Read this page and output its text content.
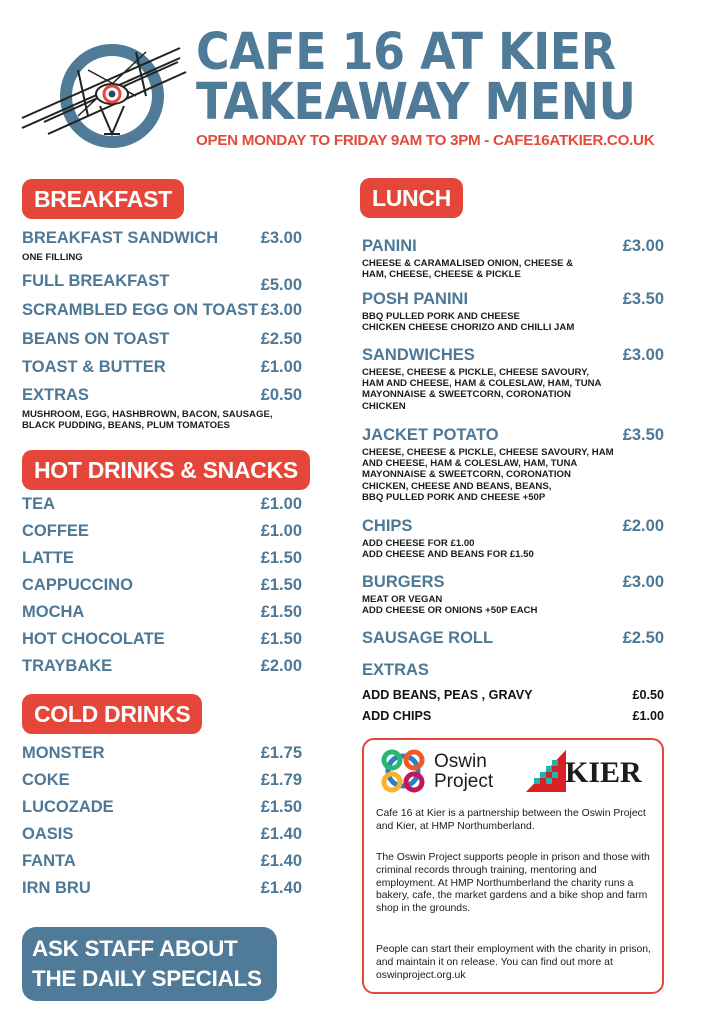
CAFE 16 AT KIER
TAKEAWAY MENU
OPEN MONDAY TO FRIDAY 9AM TO 3PM - CAFE16ATKIER.CO.UK
BREAKFAST
BREAKFAST SANDWICH	£3.00
ONE FILLING
FULL BREAKFAST	£5.00
SCRAMBLED EGG ON TOAST £3.00
BEANS ON TOAST	£2.50
TOAST & BUTTER	£1.00
EXTRAS	£0.50
MUSHROOM, EGG, HASHBROWN, BACON, SAUSAGE,
BLACK PUDDING, BEANS, PLUM TOMATOES
HOT DRINKS & SNACKS
TEA	£1.00
COFFEE	£1.00
LATTE	£1.50
CAPPUCCINO	£1.50
MOCHA	£1.50
HOT CHOCOLATE	£1.50
TRAYBAKE	£2.00
COLD DRINKS
MONSTER	£1.75
COKE	£1.79
LUCOZADE	£1.50
OASIS	£1.40
FANTA	£1.40
IRN BRU	£1.40
ASK STAFF ABOUT
THE DAILY SPECIALS
LUNCH
PANINI	£3.00
CHEESE & CARAMALISED ONION, CHEESE &
HAM, CHEESE, CHEESE & PICKLE
POSH PANINI	£3.50
BBQ PULLED PORK AND CHEESE
CHICKEN CHEESE CHORIZO AND CHILLI JAM
SANDWICHES	£3.00
CHEESE, CHEESE & PICKLE, CHEESE SAVOURY,
HAM AND CHEESE, HAM & COLESLAW, HAM, TUNA
MAYONNAISE & SWEETCORN, CORONATION
CHICKEN
JACKET POTATO	£3.50
CHEESE, CHEESE & PICKLE, CHEESE SAVOURY, HAM
AND CHEESE, HAM & COLESLAW, HAM, TUNA
MAYONNAISE & SWEETCORN, CORONATION
CHICKEN, CHEESE AND BEANS, BEANS,
BBQ PULLED PORK AND CHEESE +50P
CHIPS	£2.00
ADD CHEESE FOR £1.00
ADD CHEESE AND BEANS FOR £1.50
BURGERS	£3.00
MEAT OR VEGAN
ADD CHEESE OR ONIONS +50P EACH
SAUSAGE ROLL	£2.50
EXTRAS
ADD BEANS, PEAS , GRAVY	£0.50
ADD CHIPS	£1.00
Oswin
Project KIER
Cafe 16 at Kier is a partnership between the Oswin Project and Kier, at HMP Northumberland.
The Oswin Project supports people in prison and those with criminal records through training, mentoring and employment. At HMP Northumberland the charity runs a bakery, cafe, the market gardens and a bike shop and farm shop in the grounds.
People can start their employment with the charity in prison, and maintain it on release. You can find out more at oswinproject.org.uk
